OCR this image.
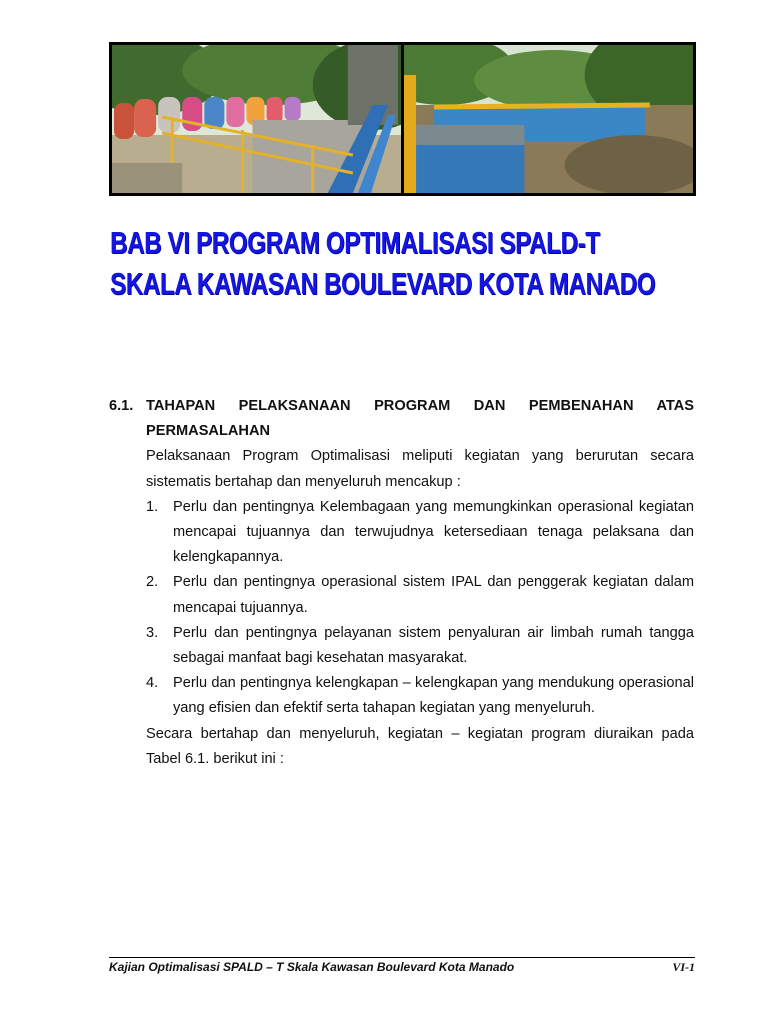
BAB VI PROGRAM OPTIMALISASI SPALD-T
SKALA KAWASAN BOULEVARD KOTA MANADO
6.1. TAHAPAN PELAKSANAAN PROGRAM DAN PEMBENAHAN ATAS
PERMASALAHAN

Pelaksanaan Program Optimalisasi meliputi kegiatan yang berurutan secara sistematis bertahap dan menyeluruh mencakup :

1.	Perlu dan pentingnya Kelembagaan yang memungkinkan operasional kegiatan mencapai tujuannya dan terwujudnya ketersediaan tenaga pelaksana dan kelengkapannya.
2.	Perlu dan pentingnya operasional sistem IPAL dan penggerak kegiatan dalam mencapai tujuannya.
3.	Perlu dan pentingnya pelayanan sistem penyaluran air limbah rumah tangga sebagai manfaat bagi kesehatan masyarakat.
4.	Perlu dan pentingnya kelengkapan – kelengkapan yang mendukung operasional yang efisien dan efektif serta tahapan kegiatan yang menyeluruh.

Secara bertahap dan menyeluruh, kegiatan – kegiatan program diuraikan pada Tabel 6.1. berikut ini :

Kajian Optimalisasi SPALD – T Skala Kawasan Boulevard Kota Manado	VI-1
